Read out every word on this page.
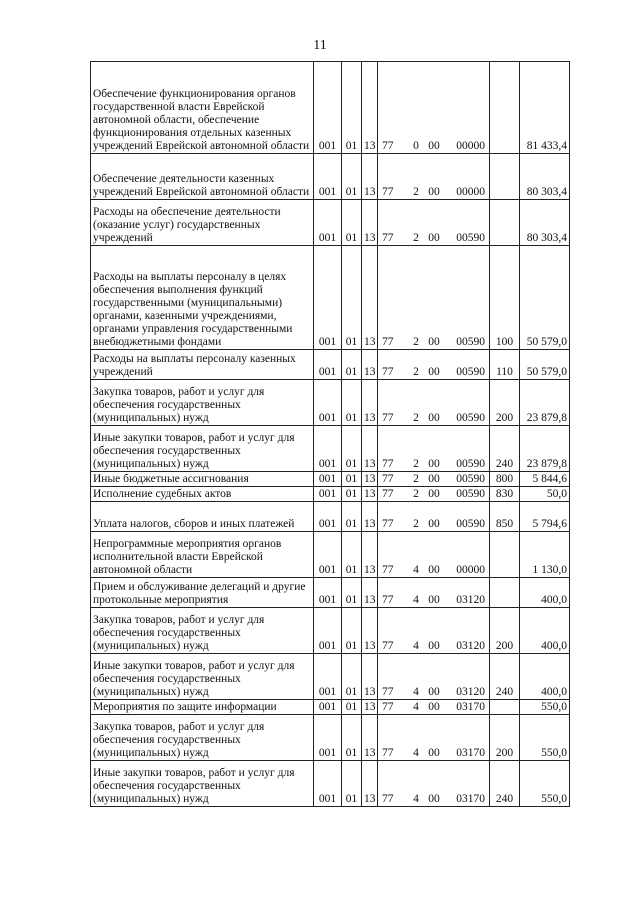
11
Обеспечение функционирования органов государственной власти Еврейской автономной области, обеспечение функционирования отдельных казенных учреждений Еврейской автономной области	001	01	13	77 0 00 00000		81 433,4
Обеспечение деятельности казенных учреждений Еврейской автономной области	001	01	13	77 2 00 00000		80 303,4
Расходы на обеспечение деятельности (оказание услуг) государственных учреждений	001	01	13	77 2 00 00590		80 303,4
Расходы на выплаты персоналу в целях обеспечения выполнения функций государственными (муниципальными) органами, казенными учреждениями, органами управления государственными внебюджетными фондами	001	01	13	77 2 00 00590	100	50 579,0
Расходы на выплаты персоналу казенных учреждений	001	01	13	77 2 00 00590	110	50 579,0
Закупка товаров, работ и услуг для обеспечения государственных (муниципальных) нужд	001	01	13	77 2 00 00590	200	23 879,8
Иные закупки товаров, работ и услуг для обеспечения государственных (муниципальных) нужд	001	01	13	77 2 00 00590	240	23 879,8
Иные бюджетные ассигнования	001	01	13	77 2 00 00590	800	5 844,6
Исполнение судебных актов	001	01	13	77 2 00 00590	830	50,0
Уплата налогов, сборов и иных платежей	001	01	13	77 2 00 00590	850	5 794,6
Непрограммные мероприятия органов исполнительной власти Еврейской автономной области	001	01	13	77 4 00 00000		1 130,0
Прием и обслуживание делегаций и другие протокольные мероприятия	001	01	13	77 4 00 03120		400,0
Закупка товаров, работ и услуг для обеспечения государственных (муниципальных) нужд	001	01	13	77 4 00 03120	200	400,0
Иные закупки товаров, работ и услуг для обеспечения государственных (муниципальных) нужд	001	01	13	77 4 00 03120	240	400,0
Мероприятия по защите информации	001	01	13	77 4 00 03170		550,0
Закупка товаров, работ и услуг для обеспечения государственных (муниципальных) нужд	001	01	13	77 4 00 03170	200	550,0
Иные закупки товаров, работ и услуг для обеспечения государственных (муниципальных) нужд	001	01	13	77 4 00 03170	240	550,0
